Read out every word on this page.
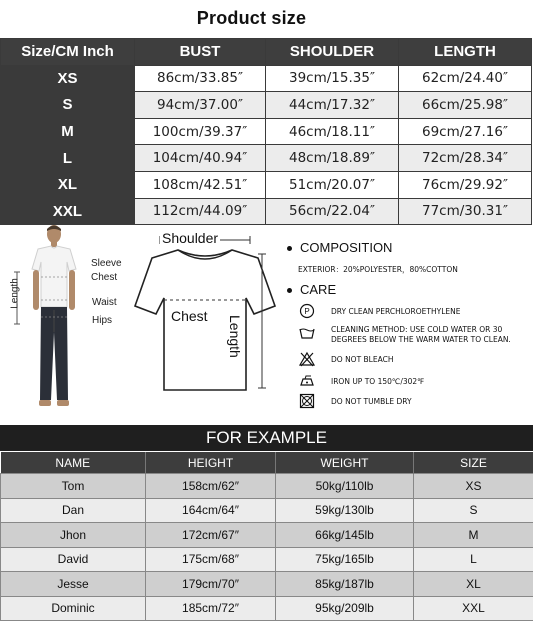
Product size
Size/CM Inch	BUST	SHOULDER	LENGTH
XS	86cm/33.85″	39cm/15.35″	62cm/24.40″
S	94cm/37.00″	44cm/17.32″	66cm/25.98″
M	100cm/39.37″	46cm/18.11″	69cm/27.16″
L	104cm/40.94″	48cm/18.89″	72cm/28.34″
XL	108cm/42.51″	51cm/20.07″	76cm/29.92″
XXL	112cm/44.09″	56cm/22.04″	77cm/30.31″
Length
Sleeve
Chest
Waist
Hips
Shoulder
Chest Length
COMPOSITION
EXTERIOR：20%POLYESTER，80%COTTON
CARE
P	DRY CLEAN PERCHLOROETHYLENE
CLEANING METHOD: USE COLD WATER OR 30 DEGREES BELOW THE WARM WATER TO CLEAN.
DO NOT BLEACH
IRON UP TO 150℃/302℉
DO NOT TUMBLE DRY
FOR EXAMPLE
NAME	HEIGHT	WEIGHT	SIZE
Tom	158cm/62″	50kg/110lb	XS
Dan	164cm/64″	59kg/130lb	S
Jhon	172cm/67″	66kg/145lb	M
David	175cm/68″	75kg/165lb	L
Jesse	179cm/70″	85kg/187lb	XL
Dominic	185cm/72″	95kg/209lb	XXL
